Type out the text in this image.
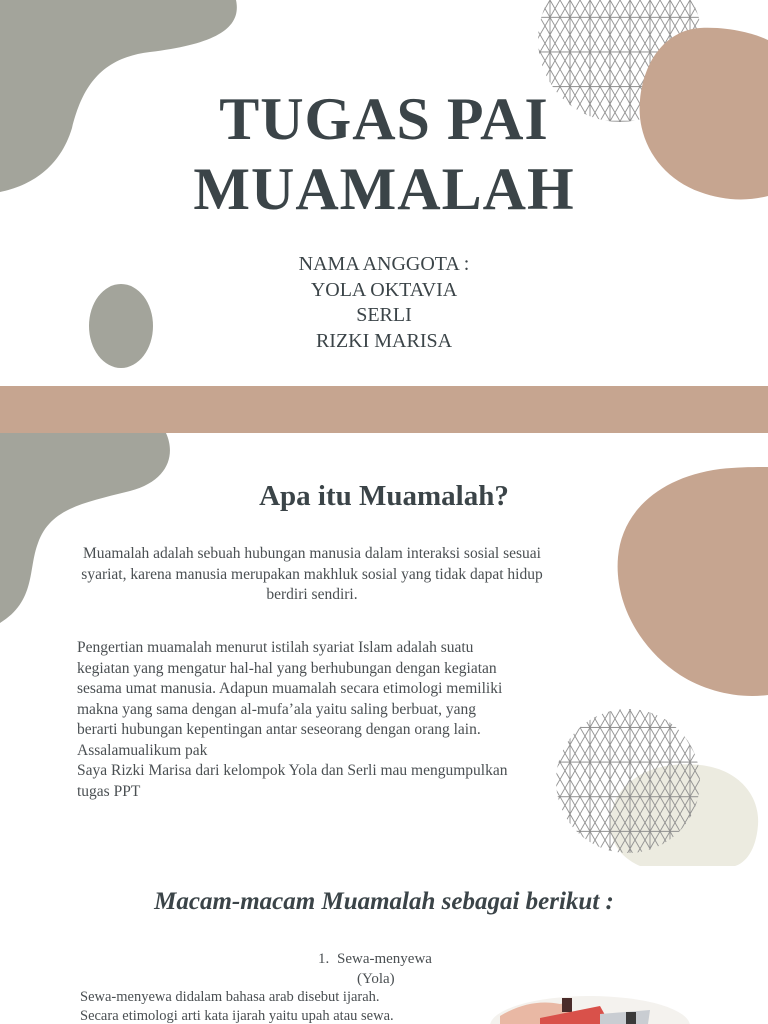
TUGAS PAI
MUAMALAH
NAMA ANGGOTA :
YOLA OKTAVIA
SERLI
RIZKI MARISA
Apa itu Muamalah?
Muamalah adalah sebuah hubungan manusia dalam interaksi sosial sesuai syariat, karena manusia merupakan makhluk sosial yang tidak dapat hidup berdiri sendiri.
Pengertian muamalah menurut istilah syariat Islam adalah suatu
kegiatan yang mengatur hal-hal yang berhubungan dengan kegiatan
sesama umat manusia. Adapun muamalah secara etimologi memiliki
makna yang sama dengan al-mufa’ala yaitu saling berbuat, yang
berarti hubungan kepentingan antar seseorang dengan orang lain.
Assalamualikum pak
Saya Rizki Marisa dari kelompok Yola dan Serli mau mengumpulkan
tugas PPT
Macam-macam Muamalah sebagai berikut :
1. Sewa-menyewa
(Yola)
Sewa-menyewa didalam bahasa arab disebut ijarah.
Secara etimologi arti kata ijarah yaitu upah atau sewa.
